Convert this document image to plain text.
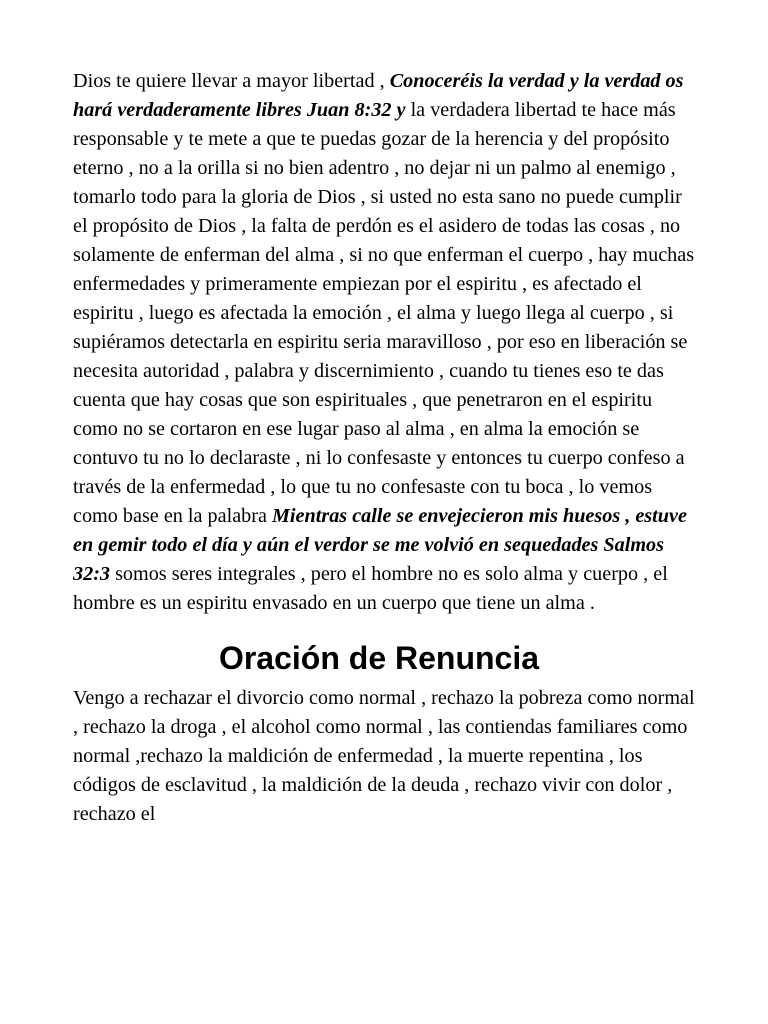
Dios te quiere llevar a mayor libertad , Conoceréis la verdad y la verdad os hará verdaderamente libres Juan 8:32 y la verdadera libertad te hace más responsable y te mete a que te puedas gozar de la herencia y del propósito eterno , no a la orilla si no bien adentro , no dejar ni un palmo al enemigo , tomarlo todo para la gloria de Dios , si usted no esta sano no puede cumplir el propósito de Dios , la falta de perdón es el asidero de todas las cosas , no solamente de enferman del alma , si no que enferman el cuerpo , hay muchas enfermedades y primeramente empiezan por el espiritu , es afectado el espiritu , luego es afectada la emoción , el alma y luego llega al cuerpo , si supiéramos detectarla en espiritu seria maravilloso , por eso en liberación se necesita autoridad , palabra y discernimiento , cuando tu tienes eso te das cuenta que hay cosas que son espirituales , que penetraron en el espiritu como no se cortaron en ese lugar paso al alma , en alma la emoción se contuvo tu no lo declaraste , ni lo confesaste y entonces tu cuerpo confeso a través de la enfermedad , lo que tu no confesaste con tu boca , lo vemos como base en la palabra Mientras calle se envejecieron mis huesos , estuve en gemir todo el día y aún el verdor se me volvió en sequedades Salmos 32:3 somos seres integrales , pero el hombre no es solo alma y cuerpo , el hombre es un espiritu envasado en un cuerpo que tiene un alma .

Oración de Renuncia

Vengo a rechazar el divorcio como normal , rechazo la pobreza como normal , rechazo la droga , el alcohol como normal , las contiendas familiares como normal ,rechazo la maldición de enfermedad , la muerte repentina , los códigos de esclavitud , la maldición de la deuda , rechazo vivir con dolor , rechazo el
